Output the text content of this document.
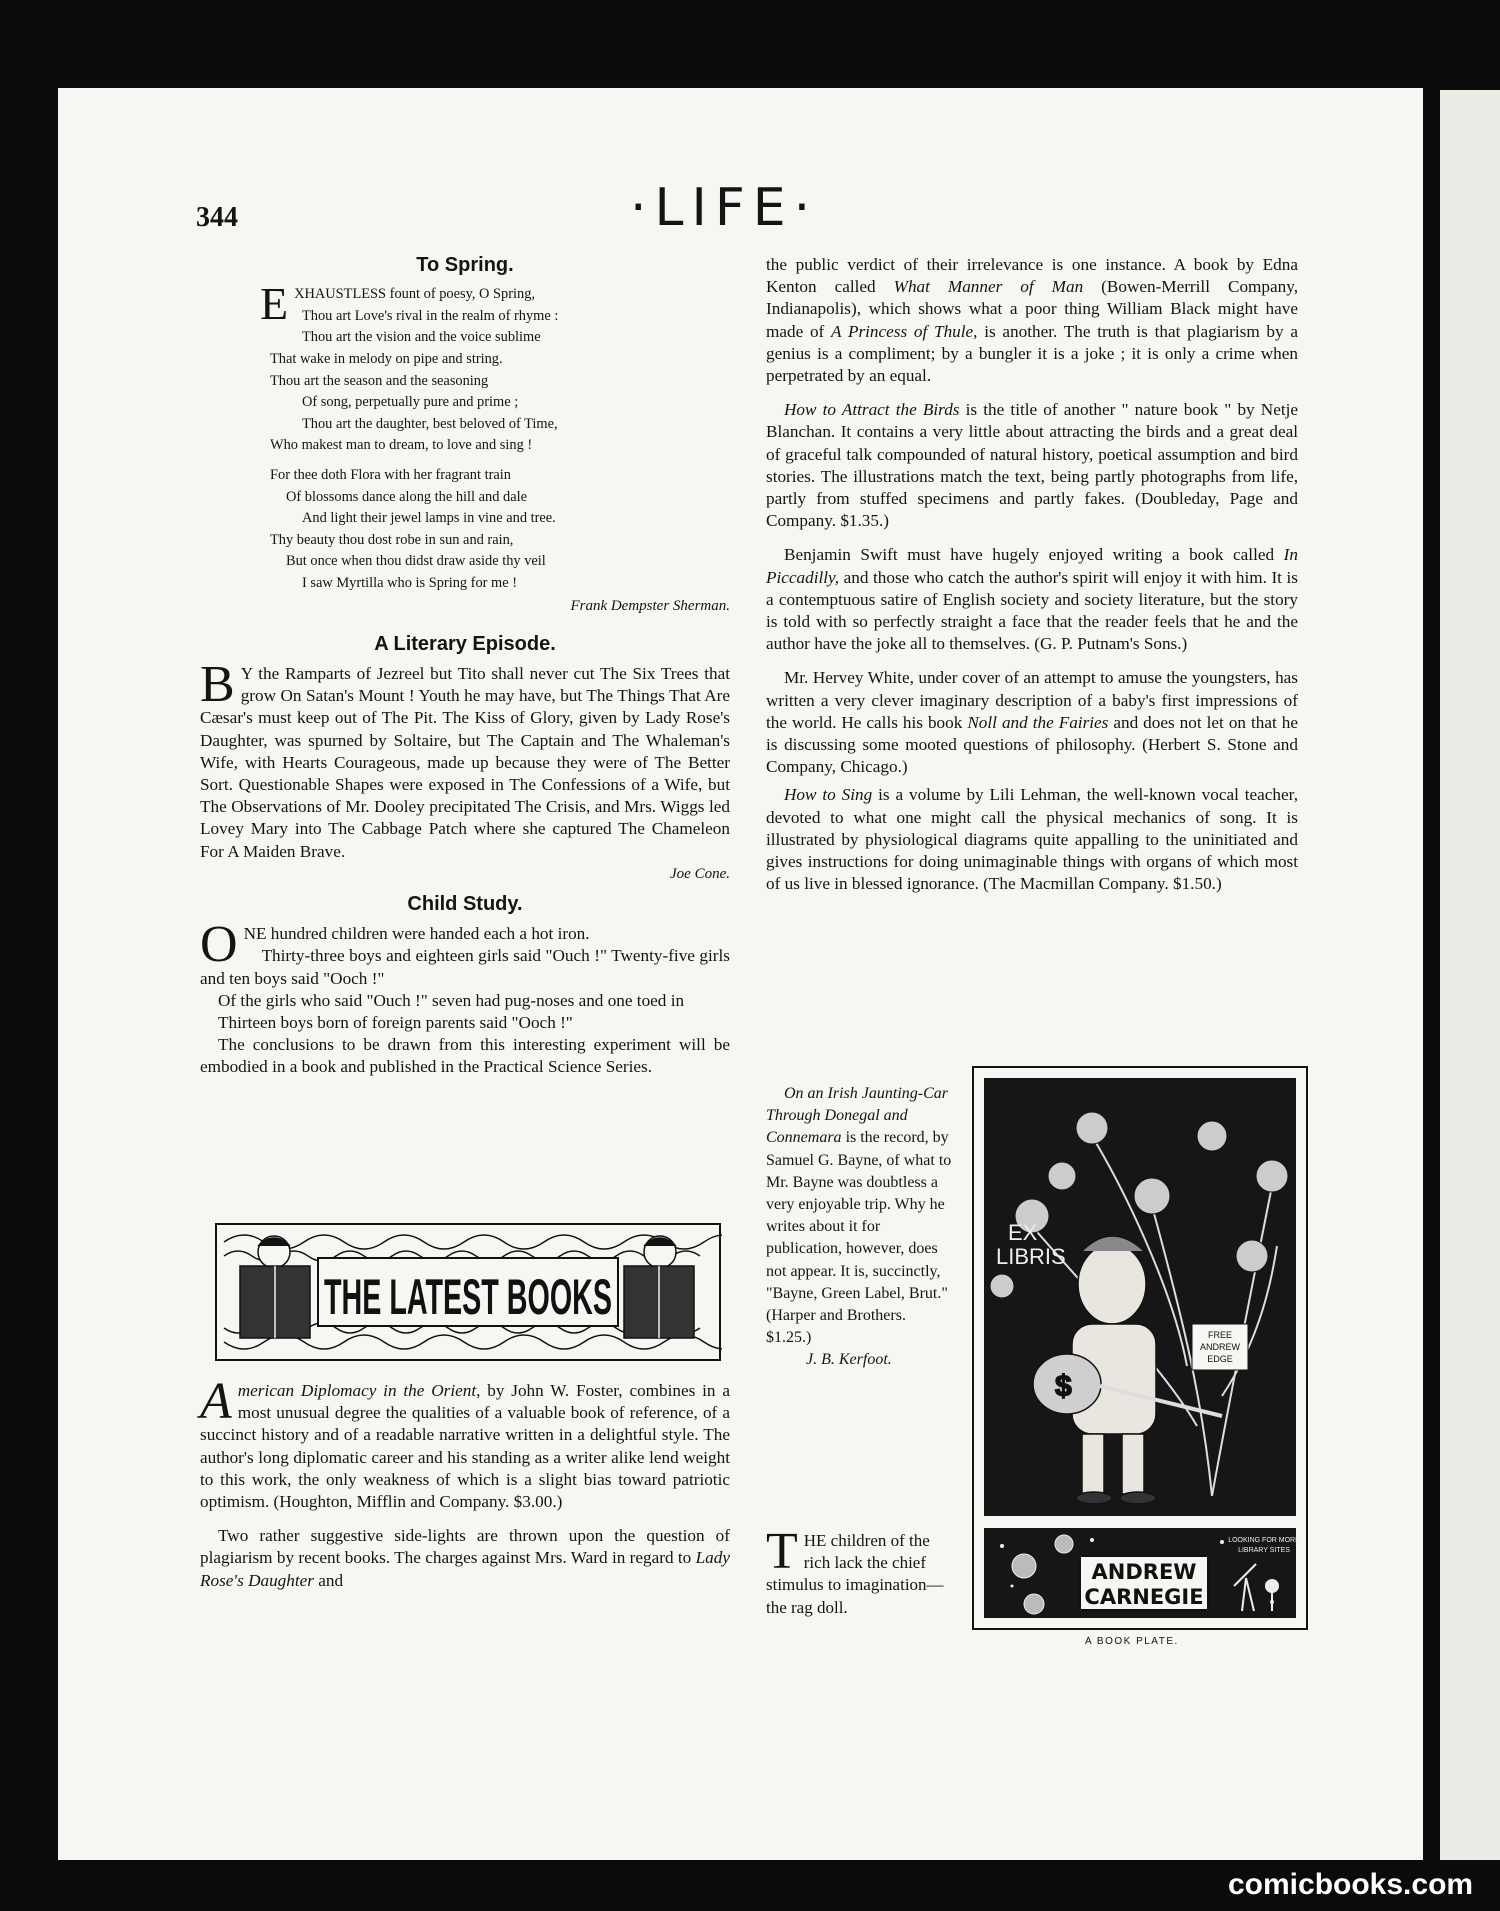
344	·LIFE·
To Spring.
E XHAUSTLESS fount of poesy, O Spring,
Thou art Love's rival in the realm of rhyme :
Thou art the vision and the voice sublime
That wake in melody on pipe and string.
Thou art the season and the seasoning
Of song, perpetually pure and prime ;
Thou art the daughter, best beloved of Time,
Who makest man to dream, to love and sing !
For thee doth Flora with her fragrant train
Of blossoms dance along the hill and dale
And light their jewel lamps in vine and tree.
Thy beauty thou dost robe in sun and rain,
But once when thou didst draw aside thy veil
I saw Myrtilla who is Spring for me !
Frank Dempster Sherman.
A Literary Episode.

B Y the Ramparts of Jezreel but Tito shall never cut The Six Trees that grow On Satan's Mount ! Youth he may have, but The Things That Are Cæsar's must keep out of The Pit. The Kiss of Glory, given by Lady Rose's Daughter, was spurned by Soltaire, but The Captain and The Whaleman's Wife, with Hearts Courageous, made up because they were of The Better Sort. Questionable Shapes were exposed in The Confessions of a Wife, but The Observations of Mr. Dooley precipitated The Crisis, and Mrs. Wiggs led Lovey Mary into The Cabbage Patch where she captured The Chameleon For A Maiden Brave.

Joe Cone.
Child Study.

ONE hundred children were handed each a hot iron.

Thirty-three boys and eighteen girls said "Ouch !" Twenty-five girls and ten boys said "Ooch !"

Of the girls who said "Ouch !" seven had pug-noses and one toed in

Thirteen boys born of foreign parents said "Ooch !"

The conclusions to be drawn from this interesting experiment will be embodied in a book and published in the Practical Science Series.

THE LATEST BOOKS

American Diplomacy in the Orient, by John W. Foster, combines in a most unusual degree the qualities of a valuable book of reference, of a succinct history and of a readable narrative written in a delightful style. The author's long diplomatic career and his standing as a writer alike lend weight to this work, the only weakness of which is a slight bias toward patriotic optimism. (Houghton, Mifflin and Company. $3.00.)

Two rather suggestive side-lights are thrown upon the question of plagiarism by recent books. The charges against Mrs. Ward in regard to Lady Rose's Daughter and

the public verdict of their irrelevance is one instance. A book by Edna Kenton called What Manner of Man (Bowen-Merrill Company, Indianapolis), which shows what a poor thing William Black might have made of A Princess of Thule, is another. The truth is that plagiarism by a genius is a compliment; by a bungler it is a joke ; it is only a crime when perpetrated by an equal.

How to Attract the Birds is the title of another " nature book " by Netje Blanchan. It contains a very little about attracting the birds and a great deal of graceful talk compounded of natural history, poetical assumption and bird stories. The illustrations match the text, being partly photographs from life, partly from stuffed specimens and partly fakes. (Doubleday, Page and Company. $1.35.)

Benjamin Swift must have hugely enjoyed writing a book called In Piccadilly, and those who catch the author's spirit will enjoy it with him. It is a contemptuous satire of English society and society literature, but the story is told with so perfectly straight a face that the reader feels that he and the author have the joke all to themselves. (G. P. Putnam's Sons.)

Mr. Hervey White, under cover of an attempt to amuse the youngsters, has written a very clever imaginary description of a baby's first impressions of the world. He calls his book Noll and the Fairies and does not let on that he is discussing some mooted questions of philosophy. (Herbert S. Stone and Company, Chicago.)

How to Sing is a volume by Lili Lehman, the well-known vocal teacher, devoted to what one might call the physical mechanics of song. It is illustrated by physiological diagrams quite appalling to the uninitiated and gives instructions for doing unimaginable things with organs of which most of us live in blessed ignorance. (The Macmillan Company. $1.50.)

On an Irish Jaunting-Car Through Donegal and Connemara is the record, by Samuel G. Bayne, of what to Mr. Bayne was doubtless a very enjoyable trip. Why he writes about it for publication, however, does not appear. It is, succinctly, "Bayne, Green Label, Brut." (Harper and Brothers. $1.25.)

J. B. Kerfoot.

THE children of the rich lack the chief stimulus to imagination—the rag doll.

EX
LIBRIS
$
FREE
ANDREW
EDGE
ANDREW
CARNEGIE
LOOKING FOR MORE
LIBRARY SITES
A BOOK PLATE.
comicbooks.com
